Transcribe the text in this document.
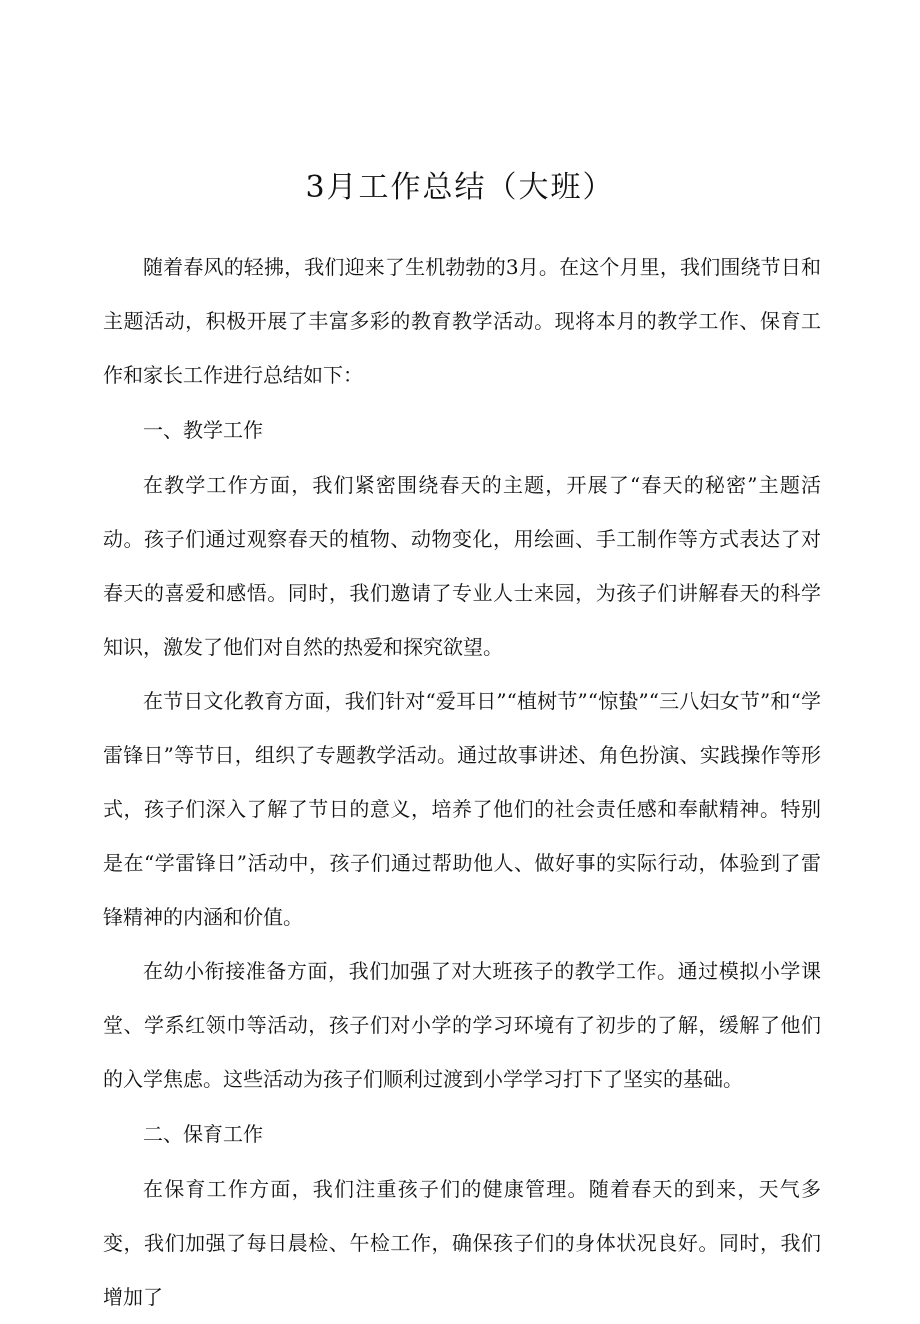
3月工作总结（大班）

随着春风的轻拂，我们迎来了生机勃勃的3月。在这个月里，我们围绕节日和主题活动，积极开展了丰富多彩的教育教学活动。现将本月的教学工作、保育工作和家长工作进行总结如下：

一、教学工作

在教学工作方面，我们紧密围绕春天的主题，开展了“春天的秘密”主题活动。孩子们通过观察春天的植物、动物变化，用绘画、手工制作等方式表达了对春天的喜爱和感悟。同时，我们邀请了专业人士来园，为孩子们讲解春天的科学知识，激发了他们对自然的热爱和探究欲望。

在节日文化教育方面，我们针对“爱耳日”“植树节”“惊蛰”“三八妇女节”和“学雷锋日”等节日，组织了专题教学活动。通过故事讲述、角色扮演、实践操作等形式，孩子们深入了解了节日的意义，培养了他们的社会责任感和奉献精神。特别是在“学雷锋日”活动中，孩子们通过帮助他人、做好事的实际行动，体验到了雷锋精神的内涵和价值。

在幼小衔接准备方面，我们加强了对大班孩子的教学工作。通过模拟小学课堂、学系红领巾等活动，孩子们对小学的学习环境有了初步的了解，缓解了他们的入学焦虑。这些活动为孩子们顺利过渡到小学学习打下了坚实的基础。

二、保育工作

在保育工作方面，我们注重孩子们的健康管理。随着春天的到来，天气多变，我们加强了每日晨检、午检工作，确保孩子们的身体状况良好。同时，我们增加了
